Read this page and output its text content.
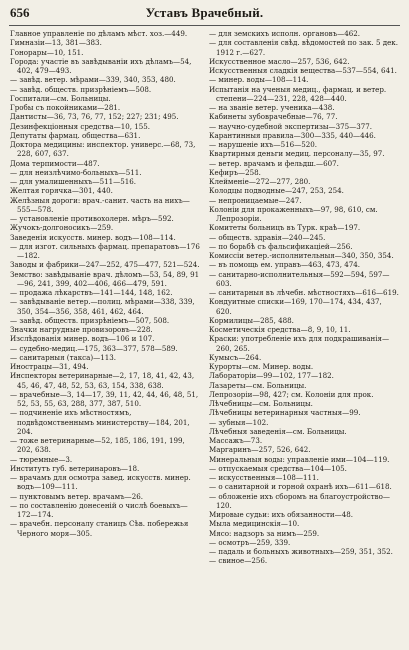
656	Уставъ Врачебный.
Главное управленіе по дѣламъ мѣст. хоз.—449.
Гимназіи—13, 381—383.
Гонорары—10, 151.
Города: участіе въ завѣдываніи ихъ дѣламъ—54, 402, 479—493.
— завѣд. ветер. мѣрами—339, 340, 353, 480.
— завѣд. обществ. призрѣніемъ—508.
Госпитали—см. Больницы.
Гробы съ покойниками—281.
Дантисты—36, 73, 76, 77, 152; 227; 231; 495.
Дезинфекціонныя средства—10, 155.
Депутаты фармац. общества—631.
Доктора медицины: инспектор. универс.—68, 73, 228, 607, 637.
Дома терпимости—487.
— для неизлѣчимо-больныхъ—511.
— для умалишенныхъ—511—516.
Желтая горячка—301, 440.
Желѣзныя дороги: врач.-санит. часть на нихъ—555—578.
— установленіе противохолерн. мѣръ—592.
Жучокъ-долгоносикъ—259.
Заведенія искусств. минер. водъ—108—114.
— для изгот. сильныхъ фармац. препаратовъ—176—182.
Заводы и фабрики—247—252, 475—477, 521—524.
Земство: завѣдываніе врач. дѣломъ—53, 54, 89, 91—96, 241, 399, 402—406, 466—479, 591.
— продажа лѣкарствъ—141—144, 148, 162.
— завѣдываніе ветер.—полиц. мѣрами—338, 339, 350, 354—356, 358, 461, 462, 464.
— завѣд. обществ. призрѣніемъ—507, 508.
Значки нагрудные провизоровъ—228.
Изслѣдованія минер. водъ—106 и 107.
— судебно-медиц.—175, 363—377, 578—589.
— санитарныя (такса)—113.
Инострацы—31, 494.
Инспекторы ветеринарные—2, 17, 18, 41, 42, 43, 45, 46, 47, 48, 52, 53, 63, 154, 338, 638.
— врачебные—3, 14—17, 39, 11, 42, 44, 46, 48, 51, 52, 53, 55, 63, 288, 377, 387, 510.
— подчиненіе ихъ мѣстностямъ, подвѣдомственнымъ министерству—184, 201, 204.
— тоже ветеринарные—52, 185, 186, 191, 199, 202, 638.
— тюремные—3.
Институтъ губ. ветеринаровъ—18.
— врачамъ для осмотра завед. искусств. минер. водъ—109—111.
— пунктовымъ ветер. врачамъ—26.
— по составленію донесеній о числѣ боевыхъ—172—174.
— врачебн. персоналу станицъ Сѣв. побережья Черного моря—305.
— для земскихъ исполн. органовъ—462.
— для составленія свѣд. вѣдомостей по зак. 5 дек. 1912 г.—627.
Искусственное масло—257, 536, 642.
Искусственныя сладкія вещества—537—554, 641.
— минер. воды—108—114.
Испытанія на ученыя медиц., фармац. и ветер. степени—224—231, 228, 428—440.
— на званіе ветер. ученика—438.
Кабинеты зубоврачебные—76, 77.
— научно-судебной экспертизы—375—377.
Карантинныя правила—300—335, 440—446.
— нарушеніе ихъ—516—520.
Квартирныя деньги медиц. персоналу—35, 97.
— ветер. врачамъ и фельдш.—607.
Кефиръ—258.
Клейменіе—272—277, 280.
Колодцы подводные—247, 253, 254.
— непроницаемые—247.
Колоніи для прокаженныхъ—97, 98, 610, см. Лепрозоріи.
Комитеты больницъ въ Турк. краѣ—197.
— обществ. здравія—240—245.
— по борьбѣ съ фальсификаціей—256.
Комиссіи ветер.-исполнительныя—340, 350, 354.
— въ помощь ем. управъ—463, 473, 474.
— санитарно-исполнительныя—592—594, 597—603.
— санитарныя въ лѣчебн. мѣстностяхъ—616—619.
Кондуитные списки—169, 170—174, 434, 437, 620.
Кормилицы—285, 488.
Косметическія средства—8, 9, 10, 11.
Краски: употребленіе ихъ для подкрашиванія—260, 265.
Кумысъ—264.
Курорты—см. Минер. воды.
Лабораторіи—99—102, 177—182.
Лазареты—см. Больницы.
Лепрозоріи—98, 427; см. Колоніи для прок.
Лѣчебницы—см. Больницы.
Лѣчебницы ветеринарныя частныя—99.
— зубныя—102.
Лѣчебныя заведенія—см. Больницы.
Массажъ—73.
Маргаринъ—257, 526, 642.
Минеральныя воды: управленіе ими—104—119.
— отпускаемыя средства—104—105.
— искусственныя—108—111.
— о санитарной и горной охранѣ ихъ—611—618.
— обложеніе ихъ сборомъ на благоустройство—120.
Мировые судьи: ихъ обязанности—48.
Мыла медицинскія—10.
Мясо: надзоръ за нимъ—259.
— осмотръ—259, 339.
— падаль и больныхъ животныхъ—259, 351, 352.
— свиное—256.
